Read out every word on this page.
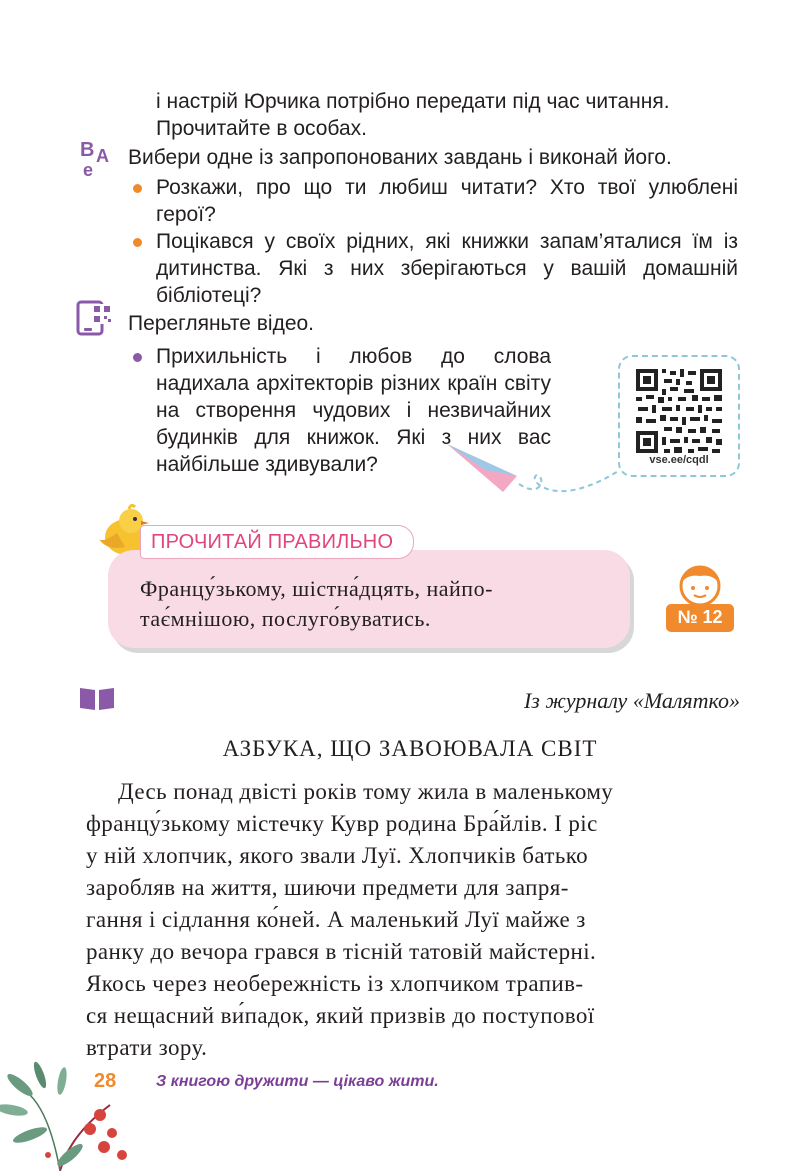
і настрій Юрчика потрібно передати під час читання.
Прочитайте в особах.
В А
е
Вибери одне із запропонованих завдань і виконай його.
Розкажи, про що ти любиш читати? Хто твої улюблені герої?
Поцікався у своїх рідних, які книжки запам’яталися їм із дитинства. Які з них зберігаються у вашій домашній бібліотеці?
Перегляньте відео.
Прихильність і любов до слова надихала архітекторів різних країн світу на створення чудових і незвичайних будинків для книжок. Які з них вас найбільше здивували?	vse.ee/cqdl
ПРОЧИТАЙ ПРАВИЛЬНО
Францу́зькому, шістна́дцять, найпо-
тає́мнішою, послуго́вуватись.	№ 12
Із журналу «Малятко»
АЗБУКА, ЩО ЗАВОЮВАЛА СВІТ
Десь понад двісті років тому жила в маленькому
францу́зькому містечку Кувр родина Бра́йлів. І ріс
у ній хлопчик, якого звали Луї. Хлопчиків батько
заробляв на життя, шиючи предмети для запря-
гання і сідлання ко́ней. А маленький Луї майже з
ранку до вечора грався в тісній татовій майстерні.
Якось через необережність із хлопчиком трапив-
ся нещасний ви́падок, який призвів до поступової
втрати зору.
28 З книгою дружити — цікаво жити.
